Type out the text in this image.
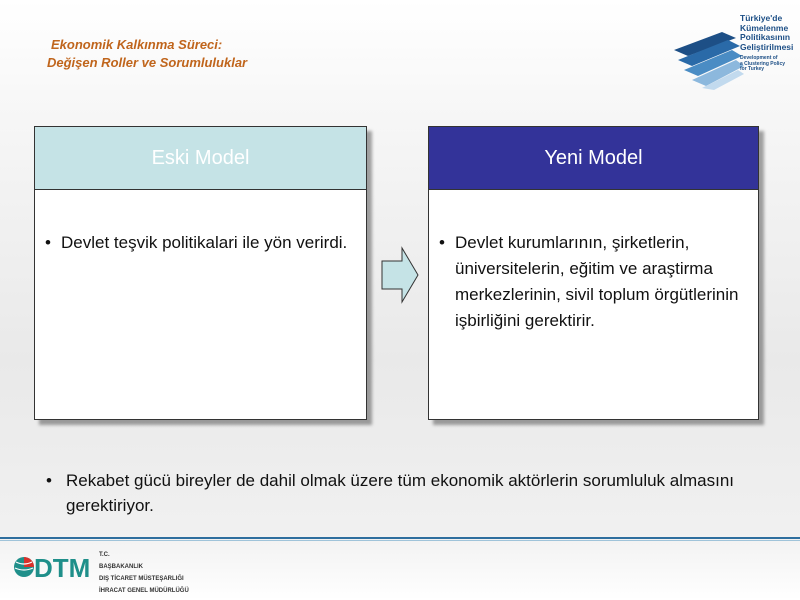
Ekonomik Kalkınma Süreci:
Değişen Roller ve Sorumluluklar
Türkiye'de
Kümelenme
Politikasının
Geliştirilmesi
Development of
a Clustering Policy
for Turkey
Eski Model
• Devlet teşvik politikalari ile yön verirdi.
Yeni Model
• Devlet kurumlarının, şirketlerin, üniversitelerin, eğitim ve araştirma merkezlerinin, sivil toplum örgütlerinin işbirliğini gerektirir.
• Rekabet gücü bireyler de dahil olmak üzere tüm ekonomik aktörlerin sorumluluk almasını gerektiriyor.
DTM T.C.
BAŞBAKANLIK
DIŞ TİCARET MÜSTEŞARLIĞI
İHRACAT GENEL MÜDÜRLÜĞÜ
